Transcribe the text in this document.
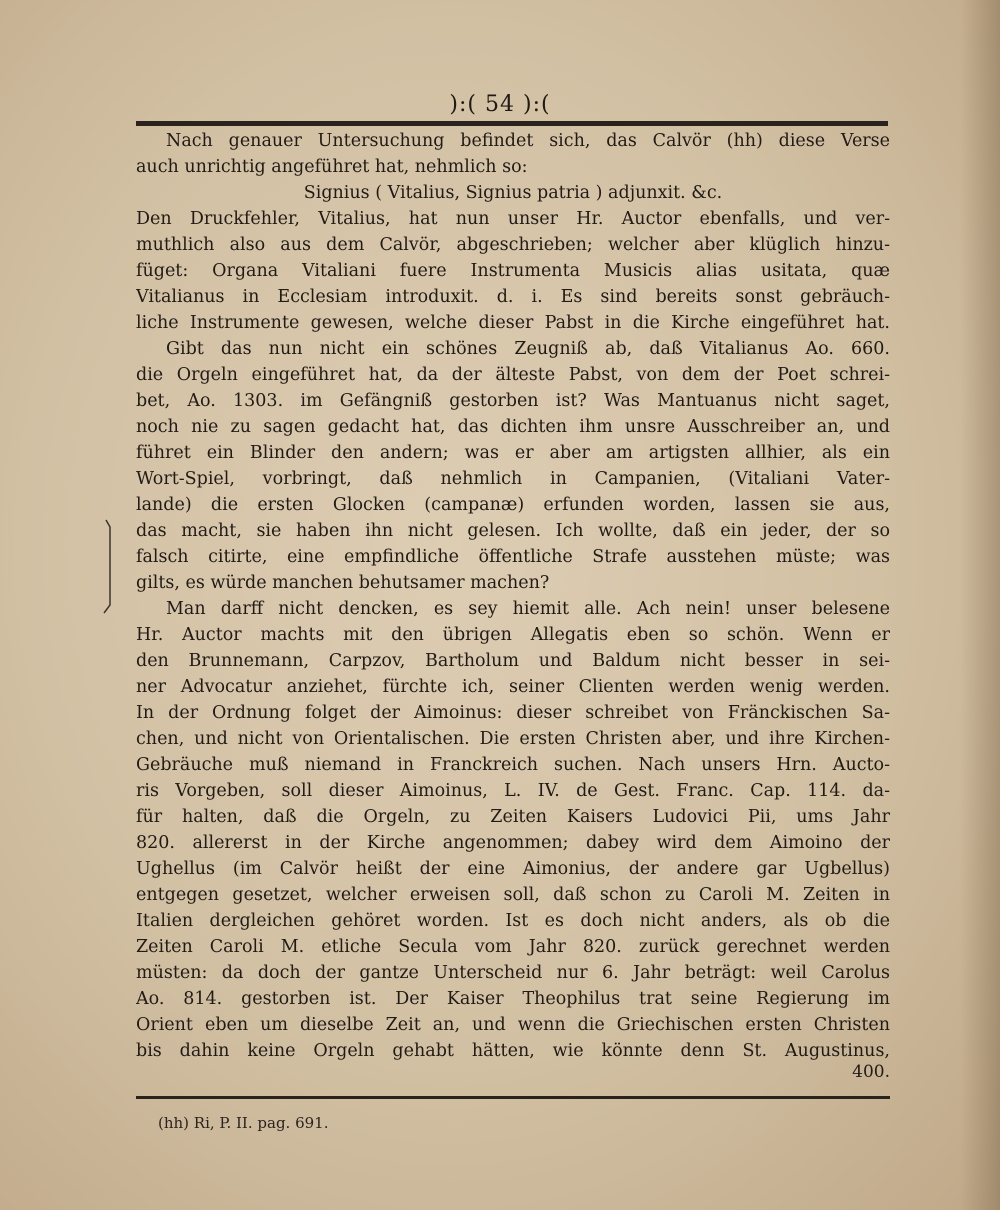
):( 54 ):(
Nach genauer Untersuchung befindet sich, das Calvör (hh) diese Verse
auch unrichtig angeführet hat, nehmlich so:
Signius ( Vitalius, Signius patria ) adjunxit. &c.
Den Druckfehler, Vitalius, hat nun unser Hr. Auctor ebenfalls, und ver-
muthlich also aus dem Calvör, abgeschrieben; welcher aber klüglich hinzu-
füget: Organa Vitaliani fuere Instrumenta Musicis alias usitata, quæ
Vitalianus in Ecclesiam introduxit. d. i. Es sind bereits sonst gebräuch-
liche Instrumente gewesen, welche dieser Pabst in die Kirche eingeführet hat.
Gibt das nun nicht ein schönes Zeugniß ab, daß Vitalianus Ao. 660.
die Orgeln eingeführet hat, da der älteste Pabst, von dem der Poet schrei-
bet, Ao. 1303. im Gefängniß gestorben ist? Was Mantuanus nicht saget,
noch nie zu sagen gedacht hat, das dichten ihm unsre Ausschreiber an, und
führet ein Blinder den andern; was er aber am artigsten allhier, als ein
Wort-Spiel, vorbringt, daß nehmlich in Campanien, (Vitaliani Vater-
lande) die ersten Glocken (campanæ) erfunden worden, lassen sie aus,
das macht, sie haben ihn nicht gelesen. Ich wollte, daß ein jeder, der so
falsch citirte, eine empfindliche öffentliche Strafe ausstehen müste; was
gilts, es würde manchen behutsamer machen?
Man darff nicht dencken, es sey hiemit alle. Ach nein! unser belesene
Hr. Auctor machts mit den übrigen Allegatis eben so schön. Wenn er
den Brunnemann, Carpzov, Bartholum und Baldum nicht besser in sei-
ner Advocatur anziehet, fürchte ich, seiner Clienten werden wenig werden.
In der Ordnung folget der Aimoinus: dieser schreibet von Fränckischen Sa-
chen, und nicht von Orientalischen. Die ersten Christen aber, und ihre Kirchen-
Gebräuche muß niemand in Franckreich suchen. Nach unsers Hrn. Aucto-
ris Vorgeben, soll dieser Aimoinus, L. IV. de Gest. Franc. Cap. 114. da-
für halten, daß die Orgeln, zu Zeiten Kaisers Ludovici Pii, ums Jahr
820. allererst in der Kirche angenommen; dabey wird dem Aimoino der
Ughellus (im Calvör heißt der eine Aimonius, der andere gar Ugbellus)
entgegen gesetzet, welcher erweisen soll, daß schon zu Caroli M. Zeiten in
Italien dergleichen gehöret worden. Ist es doch nicht anders, als ob die
Zeiten Caroli M. etliche Secula vom Jahr 820. zurück gerechnet werden
müsten: da doch der gantze Unterscheid nur 6. Jahr beträgt: weil Carolus
Ao. 814. gestorben ist. Der Kaiser Theophilus trat seine Regierung im
Orient eben um dieselbe Zeit an, und wenn die Griechischen ersten Christen
bis dahin keine Orgeln gehabt hätten, wie könnte denn St. Augustinus,
400.
(hh) Ri, P. II. pag. 691.
